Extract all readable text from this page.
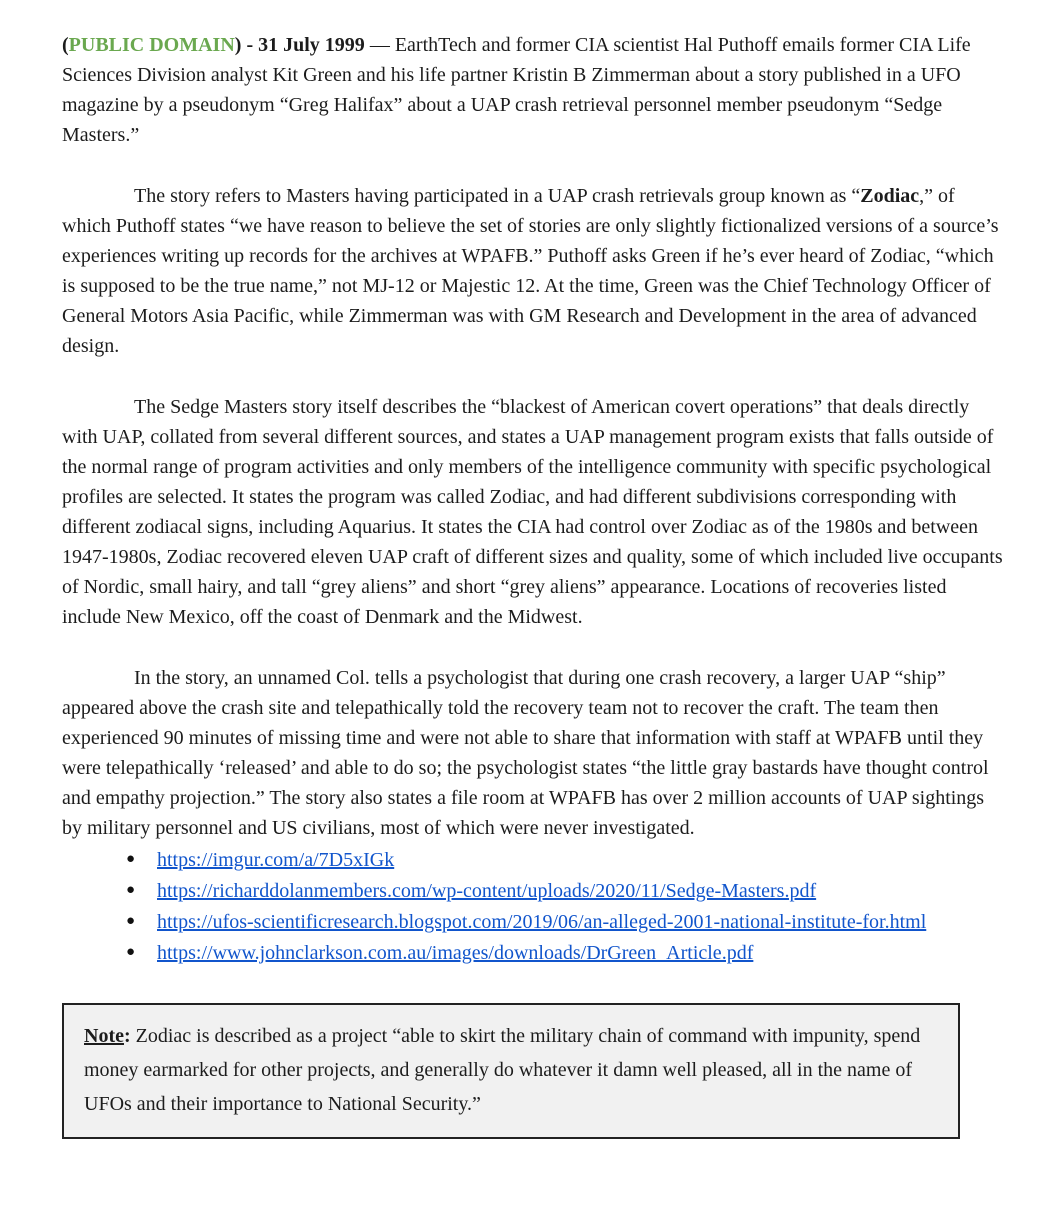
(PUBLIC DOMAIN) - 31 July 1999 — EarthTech and former CIA scientist Hal Puthoff emails former CIA Life Sciences Division analyst Kit Green and his life partner Kristin B Zimmerman about a story published in a UFO magazine by a pseudonym “Greg Halifax” about a UAP crash retrieval personnel member pseudonym “Sedge Masters.”

The story refers to Masters having participated in a UAP crash retrievals group known as “Zodiac,” of which Puthoff states “we have reason to believe the set of stories are only slightly fictionalized versions of a source’s experiences writing up records for the archives at WPAFB.” Puthoff asks Green if he’s ever heard of Zodiac, “which is supposed to be the true name,” not MJ-12 or Majestic 12. At the time, Green was the Chief Technology Officer of General Motors Asia Pacific, while Zimmerman was with GM Research and Development in the area of advanced design.

The Sedge Masters story itself describes the “blackest of American covert operations” that deals directly with UAP, collated from several different sources, and states a UAP management program exists that falls outside of the normal range of program activities and only members of the intelligence community with specific psychological profiles are selected. It states the program was called Zodiac, and had different subdivisions corresponding with different zodiacal signs, including Aquarius. It states the CIA had control over Zodiac as of the 1980s and between 1947-1980s, Zodiac recovered eleven UAP craft of different sizes and quality, some of which included live occupants of Nordic, small hairy, and tall “grey aliens” and short “grey aliens” appearance. Locations of recoveries listed include New Mexico, off the coast of Denmark and the Midwest.

In the story, an unnamed Col. tells a psychologist that during one crash recovery, a larger UAP “ship” appeared above the crash site and telepathically told the recovery team not to recover the craft. The team then experienced 90 minutes of missing time and were not able to share that information with staff at WPAFB until they were telepathically ‘released’ and able to do so; the psychologist states “the little gray bastards have thought control and empathy projection.” The story also states a file room at WPAFB has over 2 million accounts of UAP sightings by military personnel and US civilians, most of which were never investigated.

● https://imgur.com/a/7D5xIGk
● https://richarddolanmembers.com/wp-content/uploads/2020/11/Sedge-Masters.pdf
● https://ufos-scientificresearch.blogspot.com/2019/06/an-alleged-2001-national-institute-for.html
● https://www.johnclarkson.com.au/images/downloads/DrGreen_Article.pdf

Note: Zodiac is described as a project “able to skirt the military chain of command with impunity, spend money earmarked for other projects, and generally do whatever it damn well pleased, all in the name of UFOs and their importance to National Security.”
